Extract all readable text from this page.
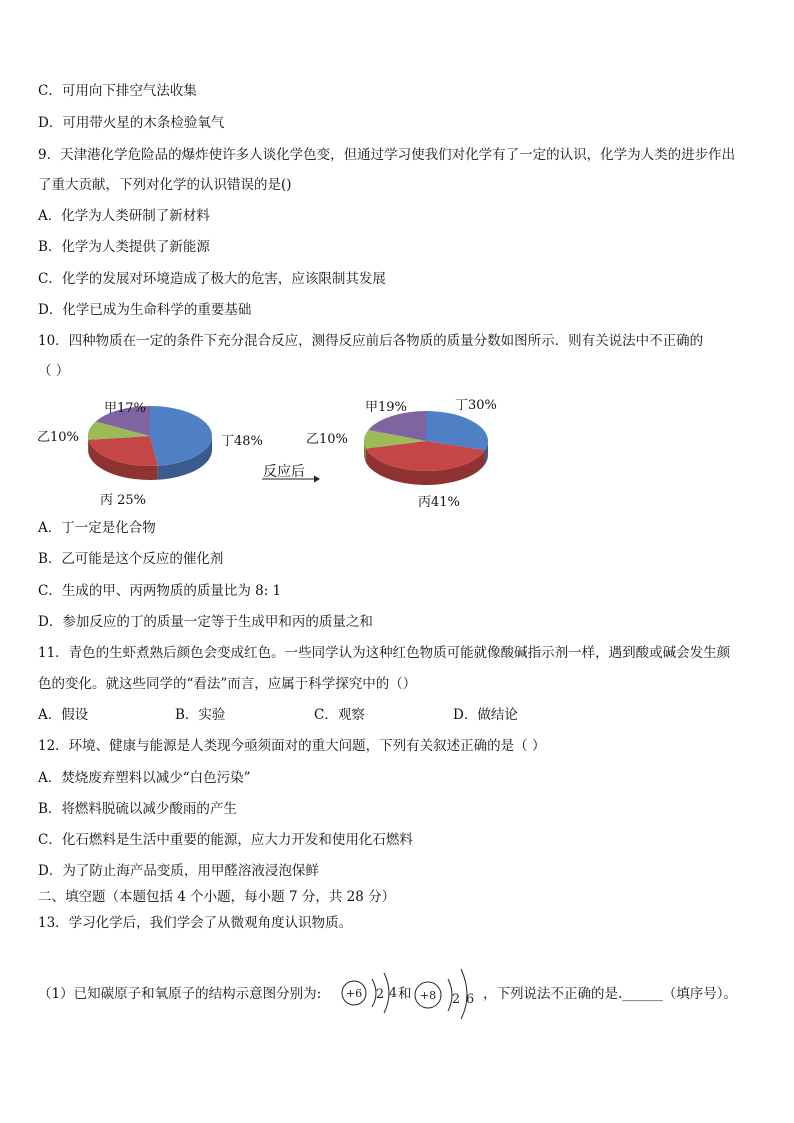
C．可用向下排空气法收集
D．可用带火星的木条检验氧气
9．天津港化学危险品的爆炸使许多人谈化学色变，但通过学习使我们对化学有了一定的认识，化学为人类的进步作出
了重大贡献，下列对化学的认识错误的是()
A．化学为人类研制了新材料
B．化学为人类提供了新能源
C．化学的发展对环境造成了极大的危害，应该限制其发展
D．化学已成为生命科学的重要基础
10．四种物质在一定的条件下充分混合反应，测得反应前后各物质的质量分数如图所示．则有关说法中不正确的
（ ）
甲17%
乙10%	丁48%
丙 25%
反应后
甲19%	丁30%
乙10%
丙41%
A．丁一定是化合物
B．乙可能是这个反应的催化剂
C．生成的甲、丙两物质的质量比为 8: 1
D．参加反应的丁的质量一定等于生成甲和丙的质量之和
11．青色的生虾煮熟后颜色会变成红色。一些同学认为这种红色物质可能就像酸碱指示剂一样，遇到酸或碱会发生颜
色的变化。就这些同学的“看法”而言，应属于科学探究中的（）
A．假设	B．实验	C．观察	D．做结论
12．环境、健康与能源是人类现今亟须面对的重大问题，下列有关叙述正确的是（ ）
A．焚烧废弃塑料以减少“白色污染”
B．将燃料脱硫以减少酸雨的产生
C．化石燃料是生活中重要的能源，应大力开发和使用化石燃料
D．为了防止海产品变质，用甲醛溶液浸泡保鲜
二、填空题（本题包括 4 个小题，每小题 7 分，共 28 分）
13．学习化学后，我们学会了从微观角度认识物质。
（1）已知碳原子和氧原子的结构示意图分别为: +6 2 4 和 +8 2 6 ，下列说法不正确的是.______（填序号）。
